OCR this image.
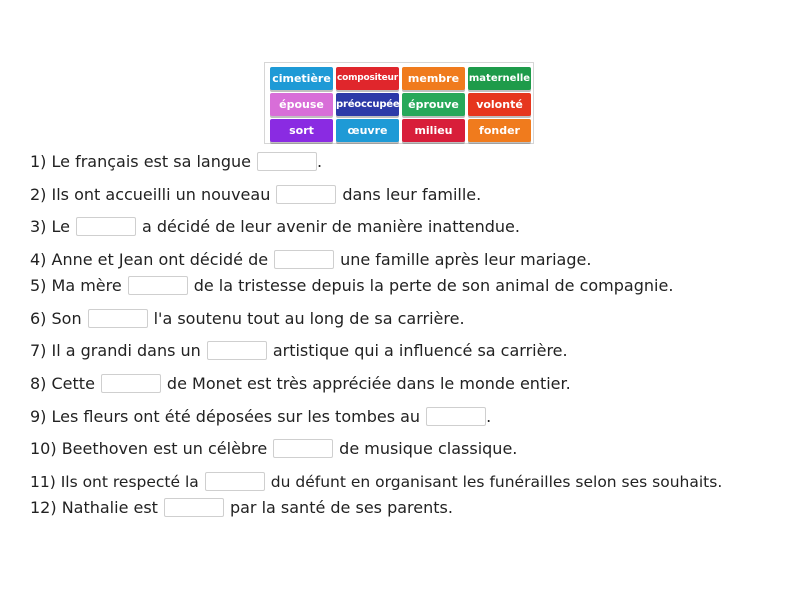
cimetière compositeur membre maternelle
épouse	préoccupée éprouve	volonté
sort	œuvre	milieu	fonder
1) Le français est sa langue	.
2) Ils ont accueilli un nouveau	dans leur famille.
3) Le	a décidé de leur avenir de manière inattendue.
4) Anne et Jean ont décidé de	une famille après leur mariage.
5) Ma mère	de la tristesse depuis la perte de son animal de compagnie.
6) Son	l'a soutenu tout au long de sa carrière.
7) Il a grandi dans un	artistique qui a influencé sa carrière.
8) Cette	de Monet est très appréciée dans le monde entier.
9) Les fleurs ont été déposées sur les tombes au	.
10) Beethoven est un célèbre	de musique classique.
11) Ils ont respecté la	du défunt en organisant les funérailles selon ses souhaits.
12) Nathalie est	par la santé de ses parents.
